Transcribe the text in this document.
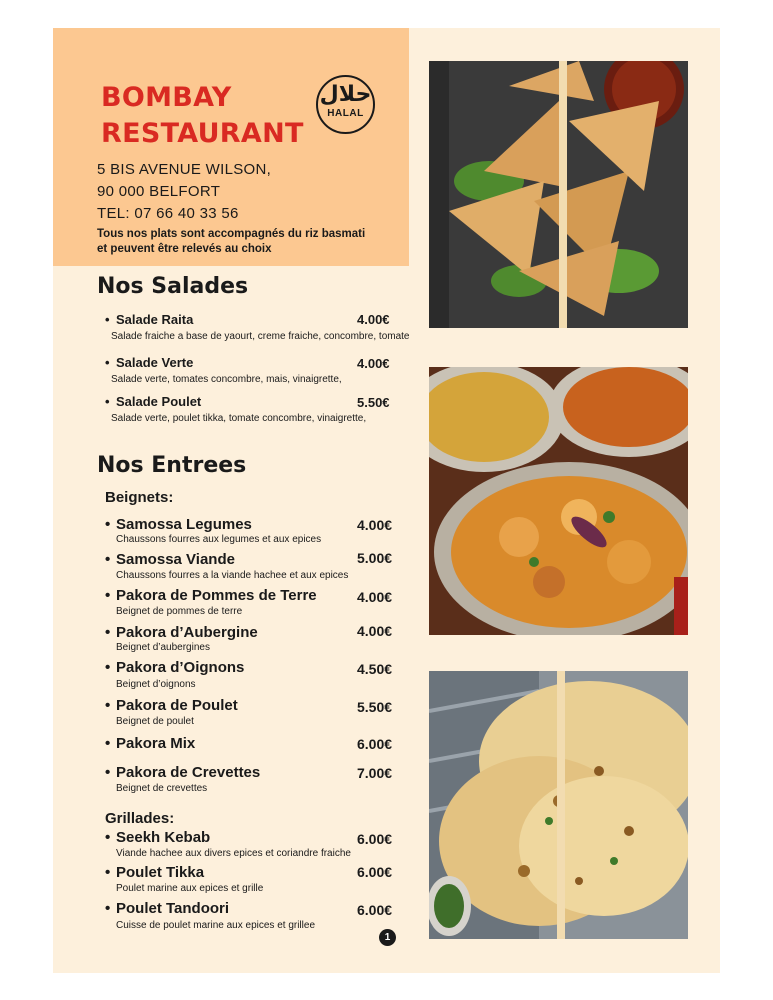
BOMBAY
RESTAURANT
حلال
HALAL
5 BIS AVENUE WILSON,
90 000 BELFORT
TEL: 07 66 40 33 56
Tous nos plats sont accompagnés du riz basmati
et peuvent être relevés au choix
Nos Salades
• Salade Raita	4.00€
Salade fraiche a base de yaourt, creme fraiche, concombre, tomate
• Salade Verte	4.00€
Salade verte, tomates concombre, mais, vinaigrette,
• Salade Poulet	5.50€
Salade verte, poulet tikka, tomate concombre, vinaigrette,
Nos Entrees
Beignets:
• Samossa Legumes	4.00€
Chaussons fourres aux legumes et aux epices
• Samossa Viande	5.00€
Chaussons fourres a la viande hachee et aux epices
• Pakora de Pommes de Terre	4.00€
Beignet de pommes de terre
• Pakora d’Aubergine	4.00€
Beignet d’aubergines
• Pakora d’Oignons	4.50€
Beignet d’oignons
• Pakora de Poulet	5.50€
Beignet de poulet
• Pakora Mix	6.00€
• Pakora de Crevettes	7.00€
Beignet de crevettes
Grillades:
• Seekh Kebab	6.00€
Viande hachee aux divers epices et coriandre fraiche
• Poulet Tikka	6.00€
Poulet marine aux epices et grille
• Poulet Tandoori	6.00€
Cuisse de poulet marine aux epices et grillee
1
